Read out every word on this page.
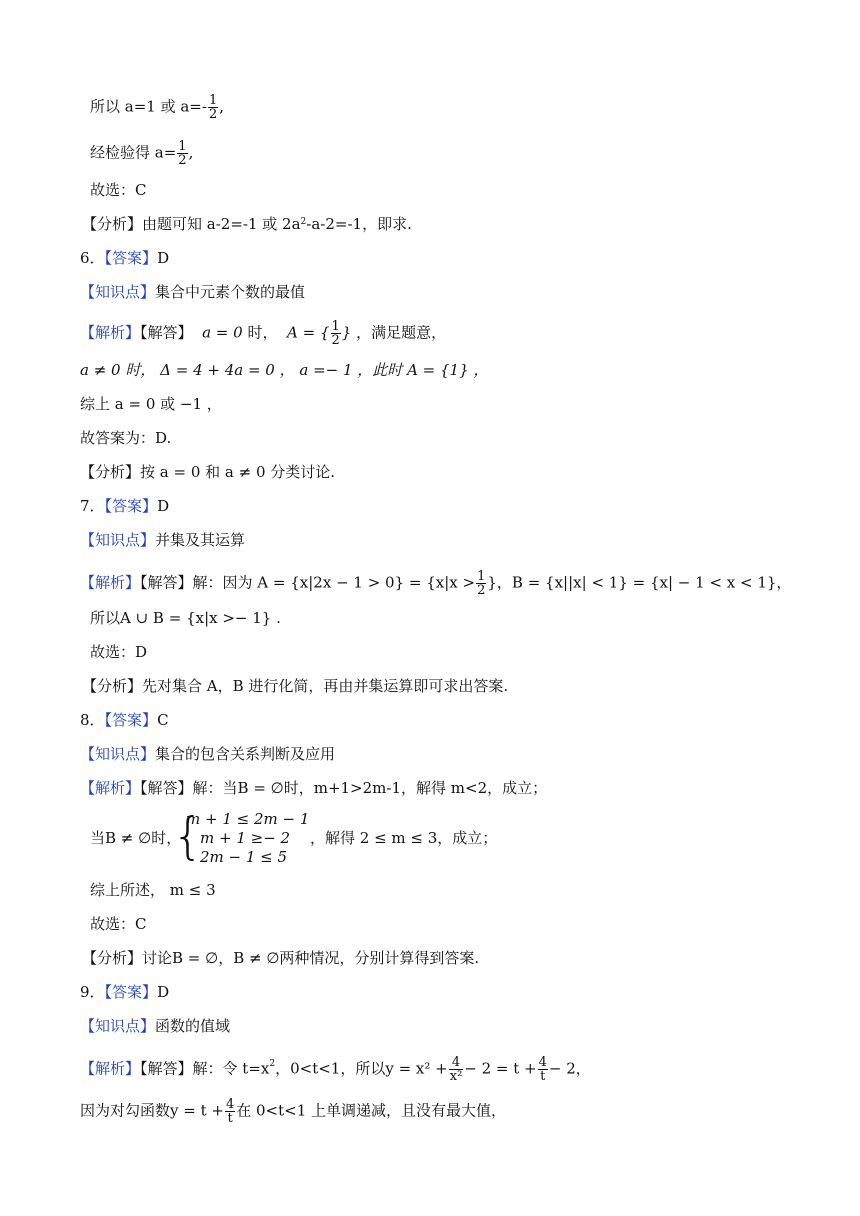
所以 a=1 或 $a=- \frac{1}{2}$ ,
经检验得 $a= \frac{1}{2}$ ,
故选：C
【分析】由题可知 a-2=-1 或 $2a^2-a-2=-1$，即求.
6．【答案】D
【知识点】集合中元素个数的最值
【解析】【解答】 a = 0 时， A = { $\frac{1}{2}$ } ，满足题意，
a ≠ 0 时， Δ = 4 + 4a = 0 ， a =− 1 ，此时 A = {1} ，
综上 a = 0 或 −1 ，
故答案为：D.
【分析】按 a = 0 和 a ≠ 0 分类讨论.
7．【答案】D
【知识点】并集及其运算
【解析】【解答】解：因为 $A = \{x|2x - 1 > 0\} = \{x|x > \frac{1}{2}$ }，B = {x||x| < 1} = {x| − 1 < x < 1}，
所以A ∪ B = {x|x >− 1} .
故选：D
【分析】先对集合 A，B 进行化简，再由并集运算即可求出答案.
8．【答案】C
【知识点】集合的包含关系判断及应用
【解析】【解答】解：当B = ∅时，m+1>2m-1，解得 m<2，成立；
当B ≠ ∅时，
{
m + 1 ≤ 2m − 1
m + 1 ≥− 2
2m − 1 ≤ 5
，解得 2 ≤ m ≤ 3，成立；
综上所述， m ≤ 3
故选：C
【分析】讨论B = ∅，B ≠ ∅两种情况，分别计算得到答案.
9．【答案】D
【知识点】函数的值域
【解析】【解答】解：令 $t=x^2$，0<t<1，所以$y = x^2 + \frac{4}{\text{x²}} - 2 = t + \frac{4}{t} - 2$，
因为对勾函数$y = t + \frac{4}{t}$ 在 0<t<1 上单调递减，且没有最大值，
